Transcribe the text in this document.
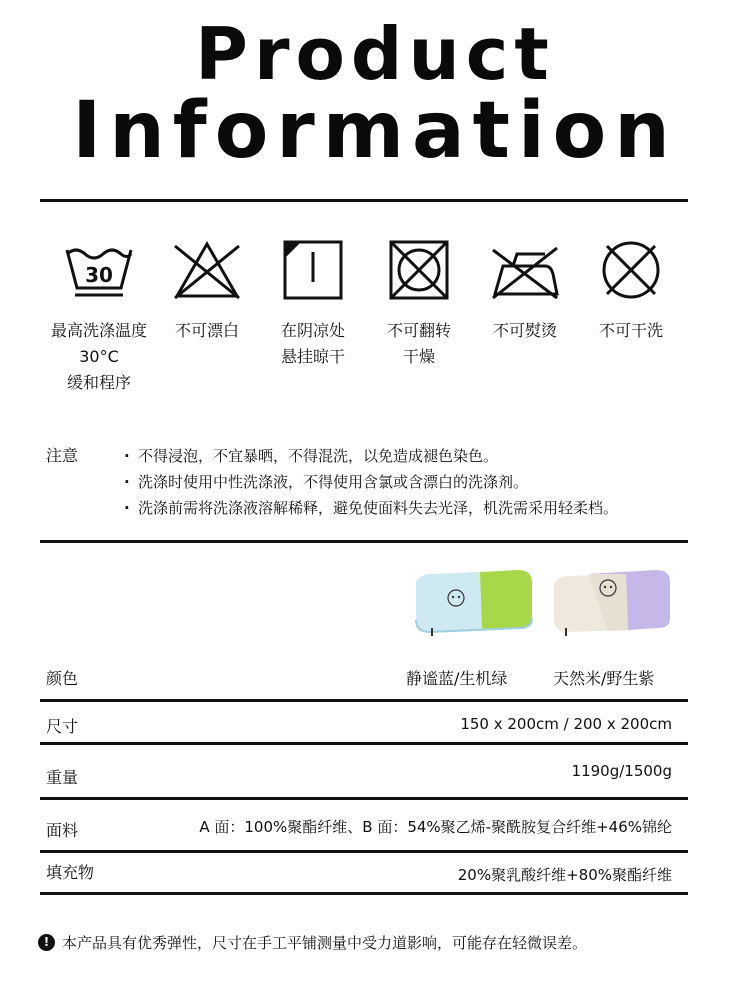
Product
Information
30
最高洗涤温度
30°C
缓和程序
不可漂白	在阴凉处
悬挂晾干
不可翻转
干燥
不可熨烫	不可干洗
注意
·	不得浸泡，不宜暴晒，不得混洗，以免造成褪色染色。
· 洗涤时使用中性洗涤液，不得使用含氯或含漂白的洗涤剂。
· 洗涤前需将洗涤液溶解稀释，避免使面料失去光泽，机洗需采用轻柔档。
颜色	静谧蓝/生机绿	天然米/野生紫
尺寸	150 x 200cm / 200 x 200cm
重量	1190g/1500g
面料	A 面：100%聚酯纤维、B 面：54%聚乙烯-聚酰胺复合纤维+46%锦纶
填充物	20%聚乳酸纤维+80%聚酯纤维
! 本产品具有优秀弹性，尺寸在手工平铺测量中受力道影响，可能存在轻微误差。
